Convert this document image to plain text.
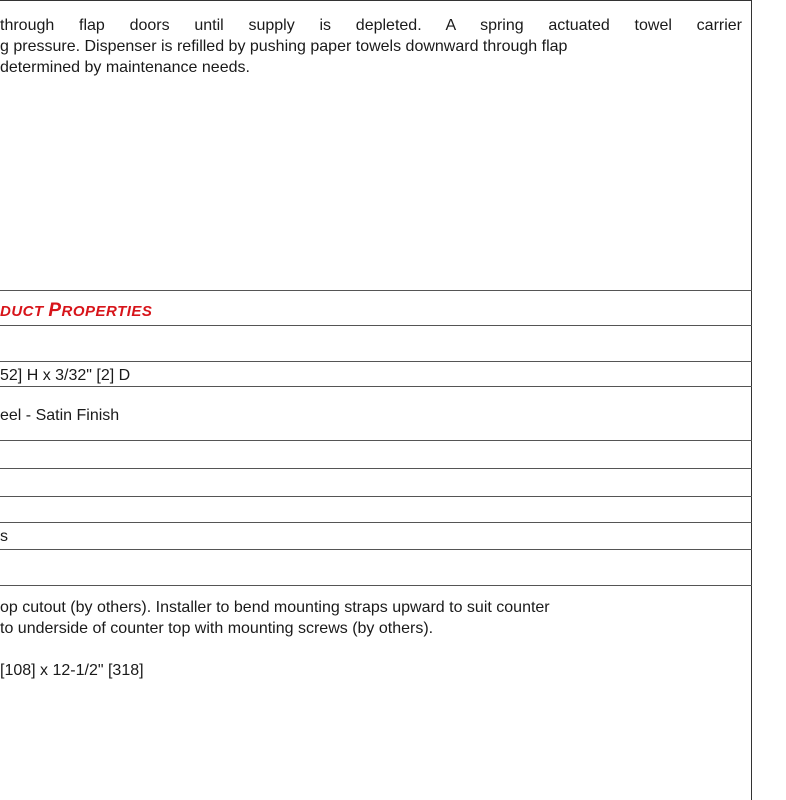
through flap doors until supply is depleted. A spring actuated towel carrier
g pressure. Dispenser is refilled by pushing paper towels downward through flap
determined by maintenance needs.
DUCT PROPERTIES
52] H x 3/32" [2] D
eel - Satin Finish
s
op cutout (by others). Installer to bend mounting straps upward to suit counter
to underside of counter top with mounting screws (by others).
[108] x 12-1/2" [318]
